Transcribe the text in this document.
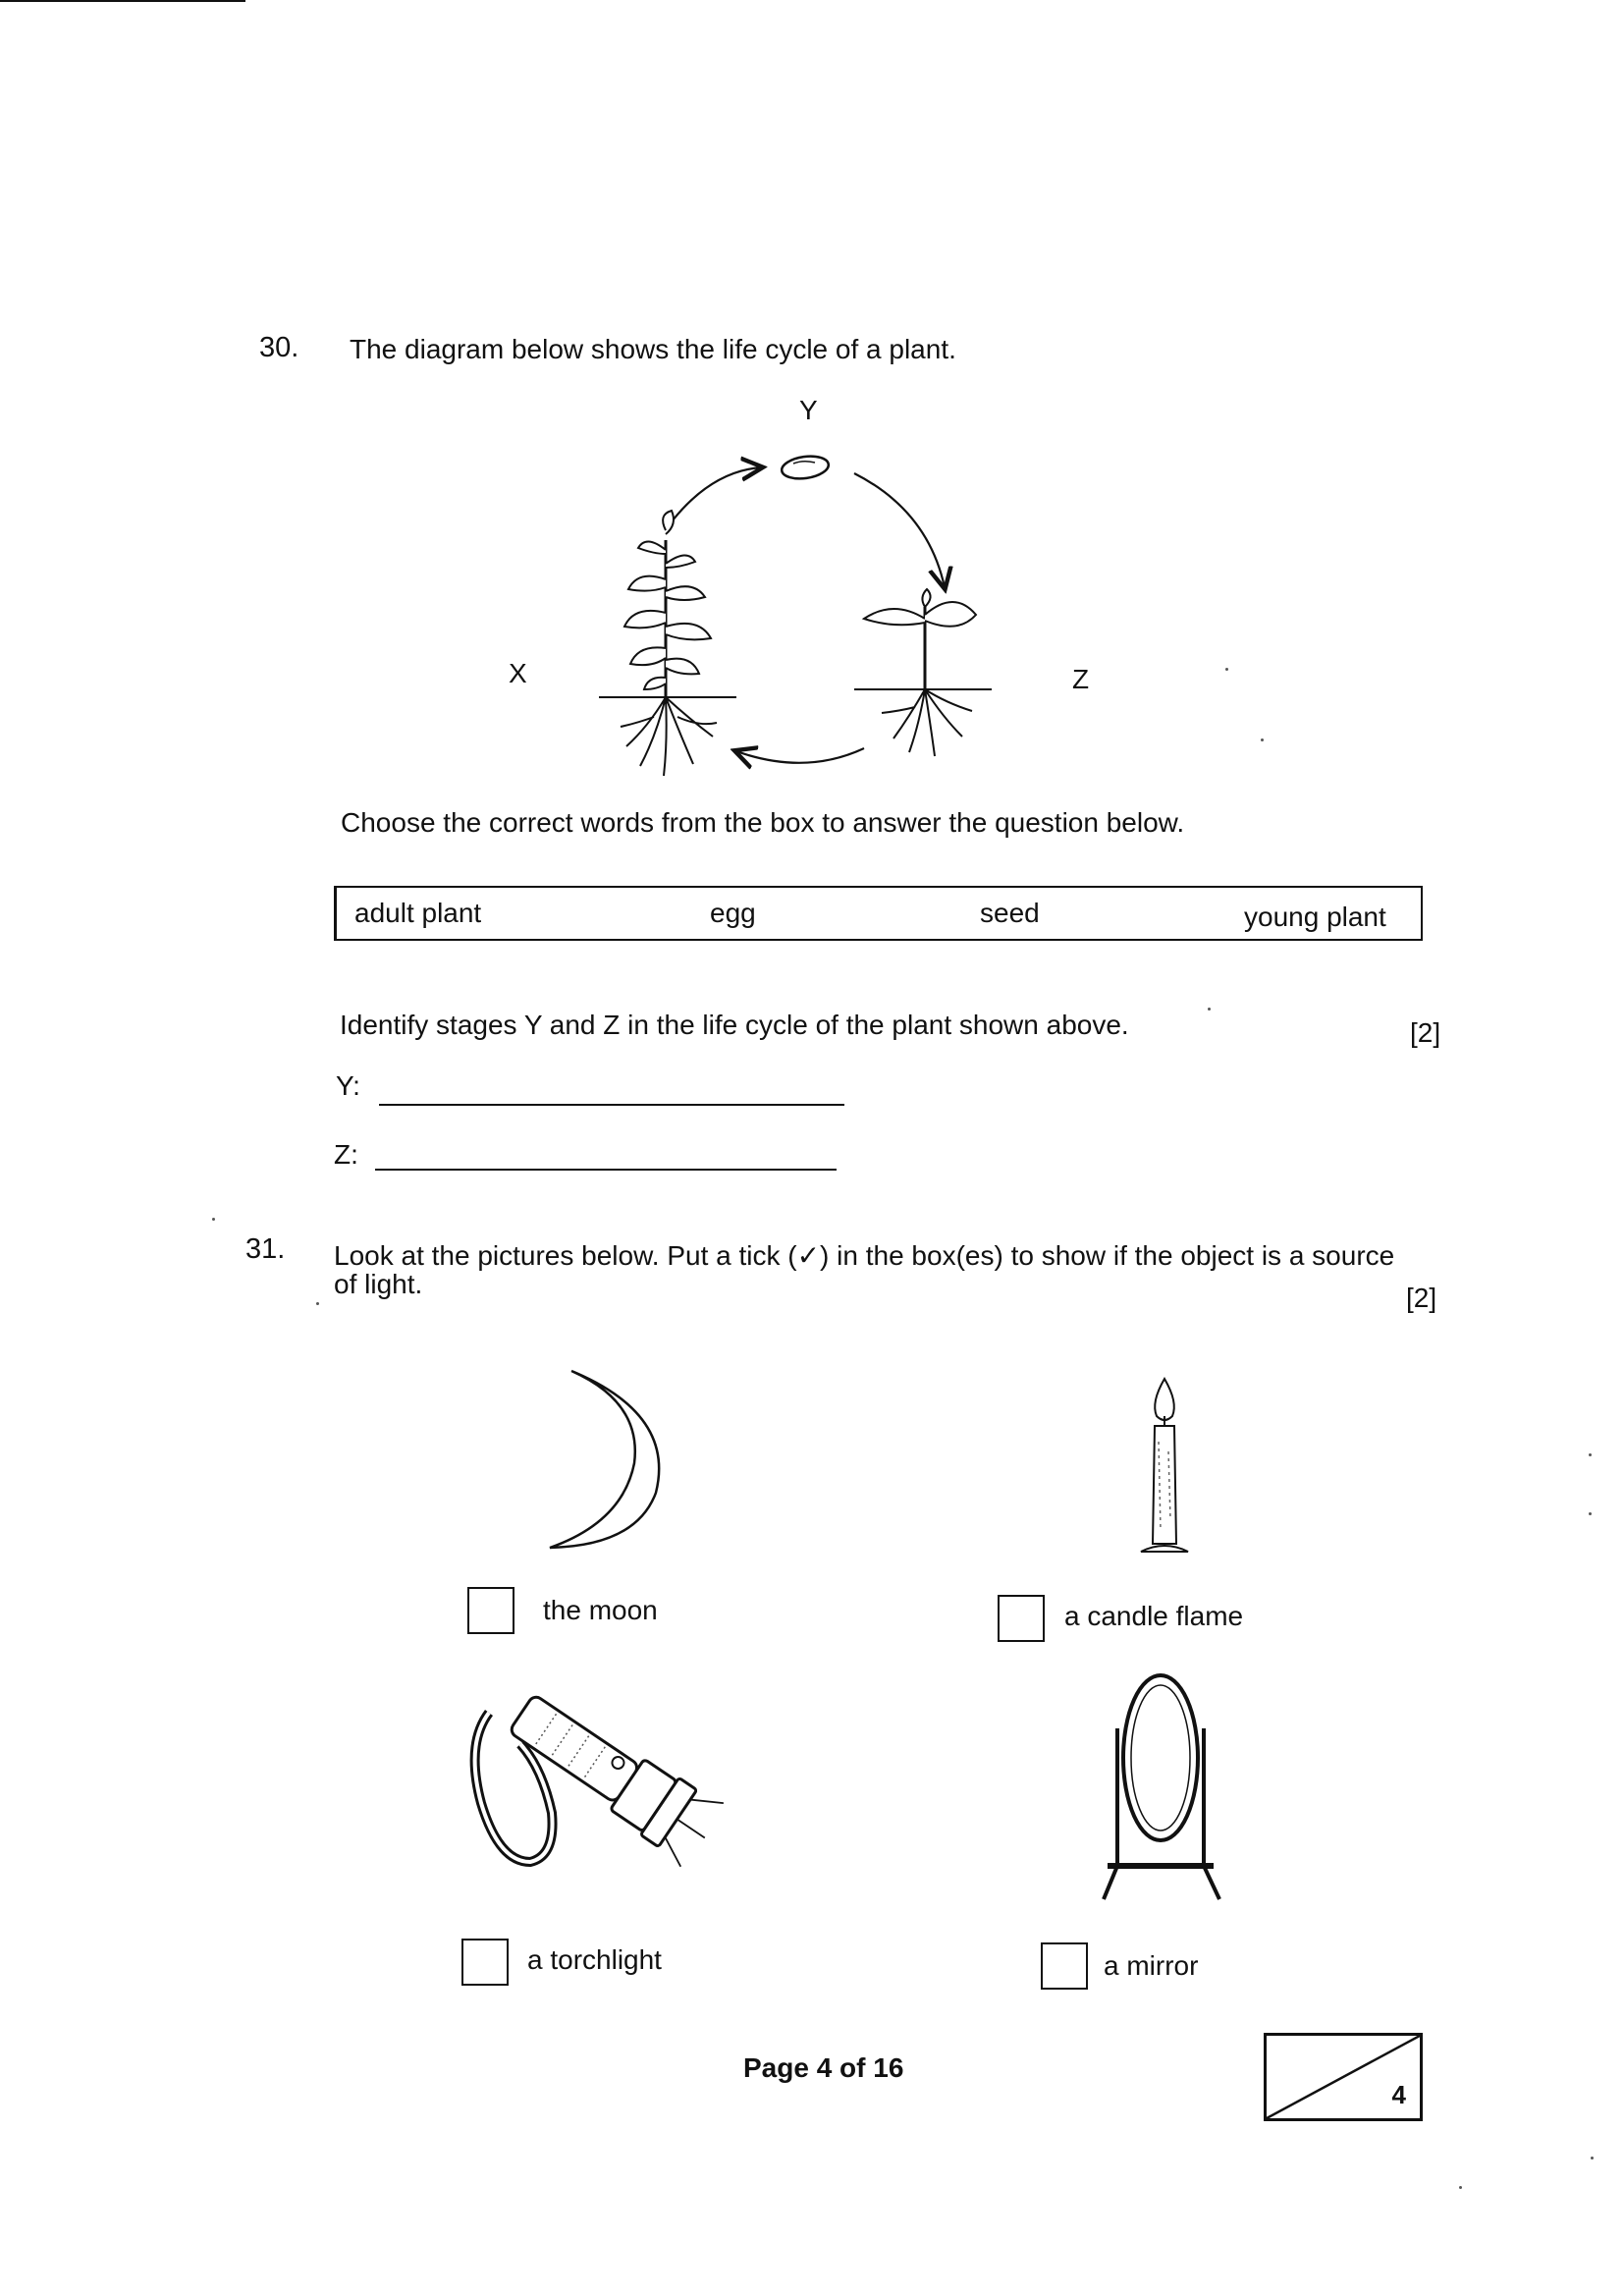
30. The diagram below shows the life cycle of a plant.
Y
X	Z
Choose the correct words from the box to answer the question below.
adult plant	egg	seed	young plant
Identify stages Y and Z in the life cycle of the plant shown above.	[2]
Y:
Z:
31. Look at the pictures below. Put a tick (✓) in the box(es) to show if the object is a source
of light.	[2]
the moon	a candle flame
a torchlight	a mirror
Page 4 of 16
4
